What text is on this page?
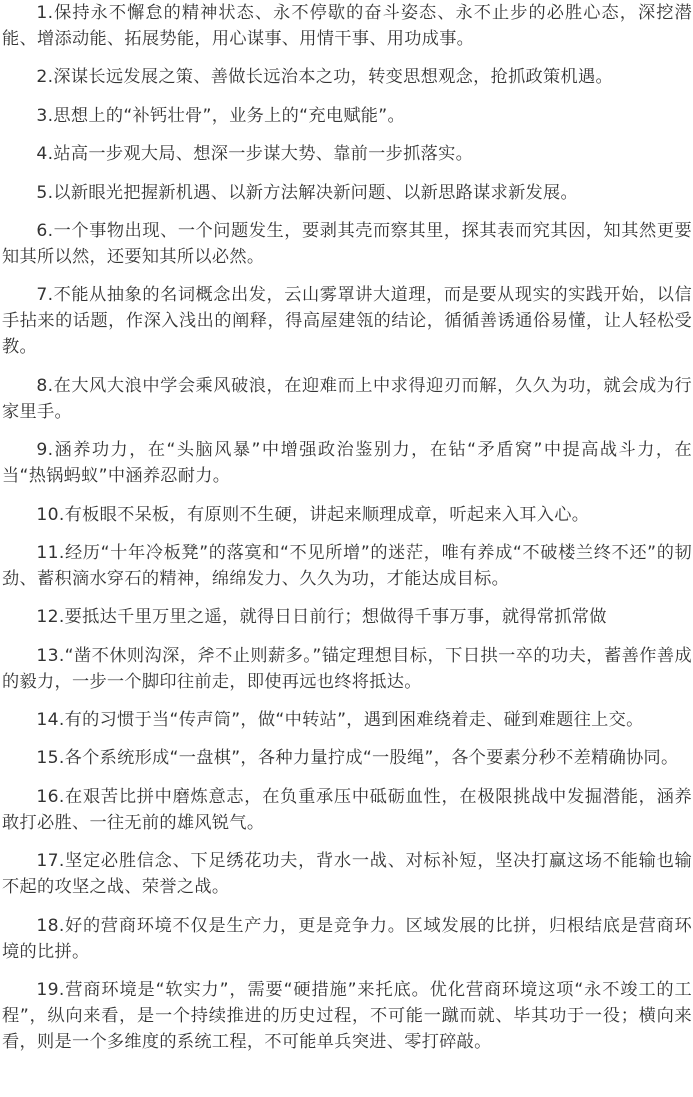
1.保持永不懈怠的精神状态、永不停歇的奋斗姿态、永不止步的必胜心态，深挖潜能、增添动能、拓展势能，用心谋事、用情干事、用功成事。

2.深谋长远发展之策、善做长远治本之功，转变思想观念，抢抓政策机遇。

3.思想上的“补钙壮骨”，业务上的“充电赋能”。

4.站高一步观大局、想深一步谋大势、靠前一步抓落实。

5.以新眼光把握新机遇、以新方法解决新问题、以新思路谋求新发展。

6.一个事物出现、一个问题发生，要剥其壳而察其里，探其表而究其因，知其然更要知其所以然，还要知其所以必然。

7.不能从抽象的名词概念出发，云山雾罩讲大道理，而是要从现实的实践开始，以信手拈来的话题，作深入浅出的阐释，得高屋建瓴的结论，循循善诱通俗易懂，让人轻松受教。

8.在大风大浪中学会乘风破浪，在迎难而上中求得迎刃而解，久久为功，就会成为行家里手。

9.涵养功力，在“头脑风暴”中增强政治鉴别力，在钻“矛盾窝”中提高战斗力，在当“热锅蚂蚁”中涵养忍耐力。

10.有板眼不呆板，有原则不生硬，讲起来顺理成章，听起来入耳入心。

11.经历“十年冷板凳”的落寞和“不见所增”的迷茫，唯有养成“不破楼兰终不还”的韧劲、蓄积滴水穿石的精神，绵绵发力、久久为功，才能达成目标。

12.要抵达千里万里之遥，就得日日前行；想做得千事万事，就得常抓常做

13.“凿不休则沟深，斧不止则薪多。”锚定理想目标，下日拱一卒的功夫，蓄善作善成的毅力，一步一个脚印往前走，即使再远也终将抵达。

14.有的习惯于当“传声筒”，做“中转站”，遇到困难绕着走、碰到难题往上交。

15.各个系统形成“一盘棋”，各种力量拧成“一股绳”，各个要素分秒不差精确协同。

16.在艰苦比拼中磨炼意志，在负重承压中砥砺血性，在极限挑战中发掘潜能，涵养敢打必胜、一往无前的雄风锐气。

17.坚定必胜信念、下足绣花功夫，背水一战、对标补短，坚决打赢这场不能输也输不起的攻坚之战、荣誉之战。

18.好的营商环境不仅是生产力，更是竞争力。区域发展的比拼，归根结底是营商环境的比拼。

19.营商环境是“软实力”，需要“硬措施”来托底。优化营商环境这项“永不竣工的工程”，纵向来看，是一个持续推进的历史过程，不可能一蹴而就、毕其功于一役；横向来看，则是一个多维度的系统工程，不可能单兵突进、零打碎敲。
